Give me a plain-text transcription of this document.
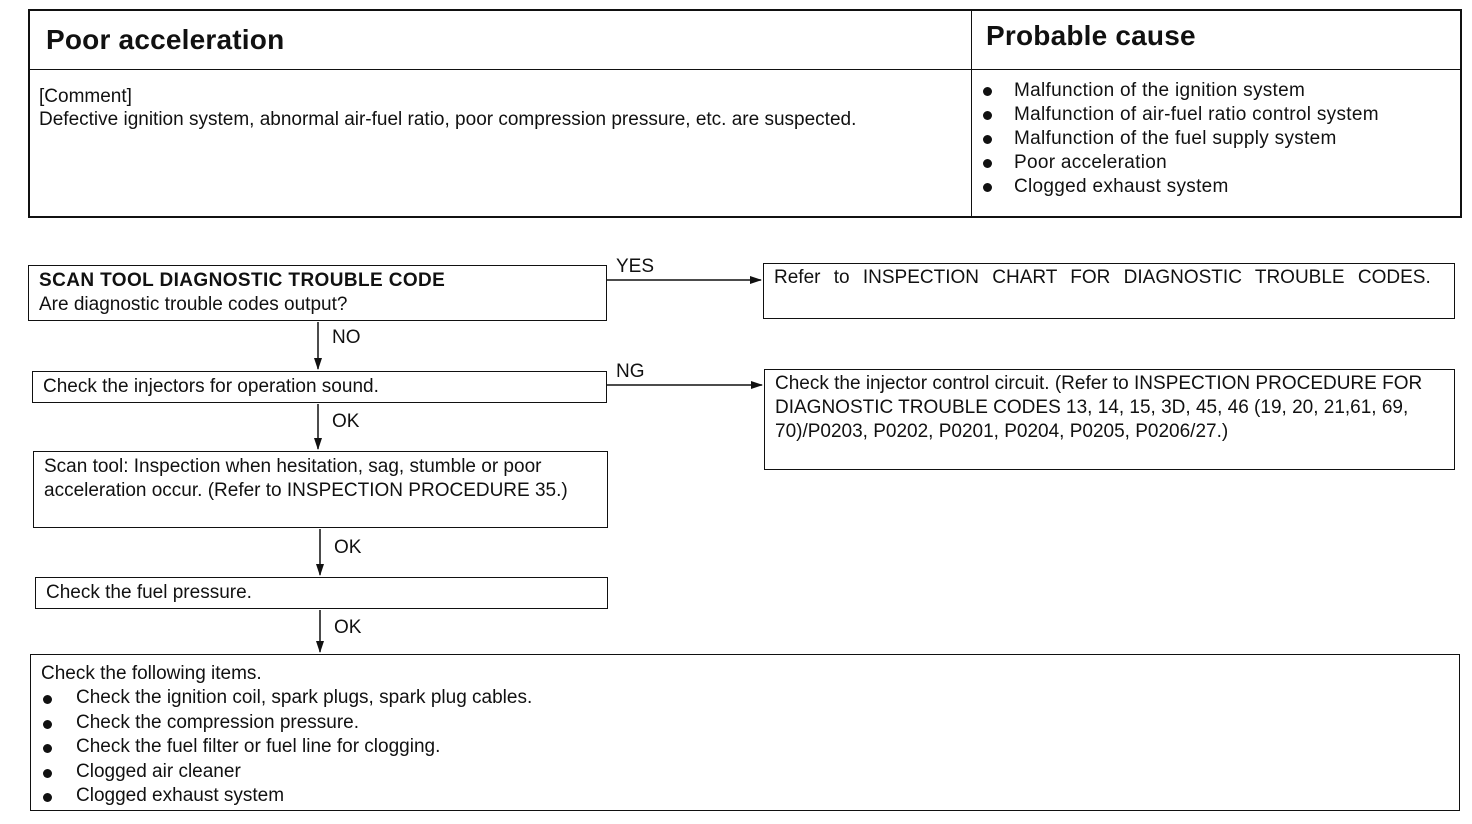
Poor acceleration	Probable cause
[Comment]
Defective ignition system, abnormal air-fuel ratio, poor compression pressure, etc. are suspected.
Malfunction of the ignition system
Malfunction of air-fuel ratio control system
Malfunction of the fuel supply system
Poor acceleration
Clogged exhaust system
YES
NO
NG
OK
OK
OK
SCAN TOOL DIAGNOSTIC TROUBLE CODE
Are diagnostic trouble codes output?
Refer to INSPECTION CHART FOR DIAGNOSTIC TROUBLE CODES.
Check the injectors for operation sound.	Check the injector control circuit. (Refer to INSPECTION PROCEDURE FOR DIAGNOSTIC TROUBLE CODES 13, 14, 15, 3D, 45, 46 (19, 20, 21,61, 69, 70)/P0203, P0202, P0201, P0204, P0205, P0206/27.)
Scan tool: Inspection when hesitation, sag, stumble or poor acceleration occur. (Refer to INSPECTION PROCEDURE 35.)
Check the fuel pressure.
Check the following items.
Check the ignition coil, spark plugs, spark plug cables.
Check the compression pressure.
Check the fuel filter or fuel line for clogging.
Clogged air cleaner
Clogged exhaust system
